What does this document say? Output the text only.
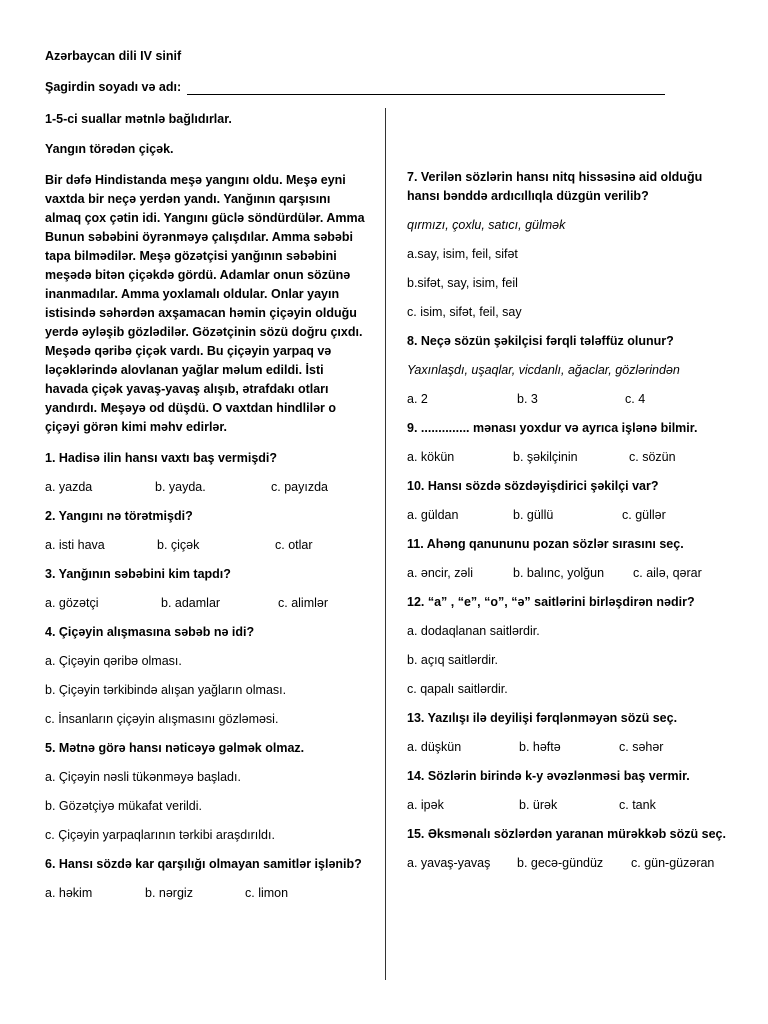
Azərbaycan dili IV sinif
Şagirdin soyadı və adı:

1-5-ci suallar mətnlə bağlıdırlar.

Yangın törədən çiçək.

Bir dəfə Hindistanda meşə yangını oldu. Meşə eyni vaxtda bir neçə yerdən yandı. Yanğının qarşısını almaq çox çətin idi. Yangını güclə söndürdülər. Amma Bunun səbəbini öyrənməyə çalışdılar. Amma səbəbi tapa bilmədilər. Meşə gözətçisi yanğının səbəbini meşədə bitən çiçəkdə gördü. Adamlar onun sözünə inanmadılar. Amma yoxlamalı oldular. Onlar yayın istisində səhərdən axşamacan həmin çiçəyin olduğu yerdə əyləşib gözlədilər. Gözətçinin sözü doğru çıxdı. Meşədə qəribə çiçək vardı. Bu çiçəyin yarpaq və ləçəklərində alovlanan yağlar məlum edildi. İsti havada çiçək yavaş-yavaş alışıb, ətrafdakı otları yandırdı. Meşəyə od düşdü. O vaxtdan hindlilər o çiçəyi görən kimi məhv edirlər.

1. Hadisə ilin hansı vaxtı baş vermişdi?

a. yazda	b. yayda.	c. payızda

2. Yangını nə törətmişdi?

a. isti hava	b. çiçək	c. otlar

3. Yanğının səbəbini kim tapdı?

a. gözətçi	b. adamlar	c. alimlər

4. Çiçəyin alışmasına səbəb nə idi?

a. Çiçəyin qəribə olması.

b. Çiçəyin tərkibində alışan yağların olması.

c. İnsanların çiçəyin alışmasını gözləməsi.

5. Mətnə görə hansı nəticəyə gəlmək olmaz.

a. Çiçəyin nəsli tükənməyə başladı.

b. Gözətçiyə mükafat verildi.

c. Çiçəyin yarpaqlarının tərkibi araşdırıldı.

6. Hansı sözdə kar qarşılığı olmayan samitlər işlənib?

a. həkim	b. nərgiz	c. limon

7. Verilən sözlərin hansı nitq hissəsinə aid olduğu hansı bənddə ardıcıllıqla düzgün verilib?

qırmızı, çoxlu, satıcı, gülmək

a.say, isim, feil, sifət

b.sifət, say, isim, feil

c. isim, sifət, feil, say

8. Neçə sözün şəkilçisi fərqli tələffüz olunur?

Yaxınlaşdı, uşaqlar, vicdanlı, ağaclar, gözlərindən

a. 2	b. 3	c. 4

9. .............. mənası yoxdur və ayrıca işlənə bilmir.

a. kökün	b. şəkilçinin	c. sözün

10. Hansı sözdə sözdəyişdirici şəkilçi var?

a. güldan	b. güllü	c. güllər

11. Ahəng qanununu pozan sözlər sırasını seç.

a. əncir, zəli	b. balınc, yolğun	c. ailə, qərar

12. “a” , “e”, “o”, “ə” saitlərini birləşdirən nədir?

a. dodaqlanan saitlərdir.

b. açıq saitlərdir.

c. qapalı saitlərdir.

13. Yazılışı ilə deyilişi fərqlənməyən sözü seç.

a. düşkün	b. həftə	c. səhər

14. Sözlərin birində k-y əvəzlənməsi baş vermir.

a. ipək	b. ürək	c. tank

15. Əksmənalı sözlərdən yaranan mürəkkəb sözü seç.

a. yavaş-yavaş	b. gecə-gündüz	c. gün-güzəran
